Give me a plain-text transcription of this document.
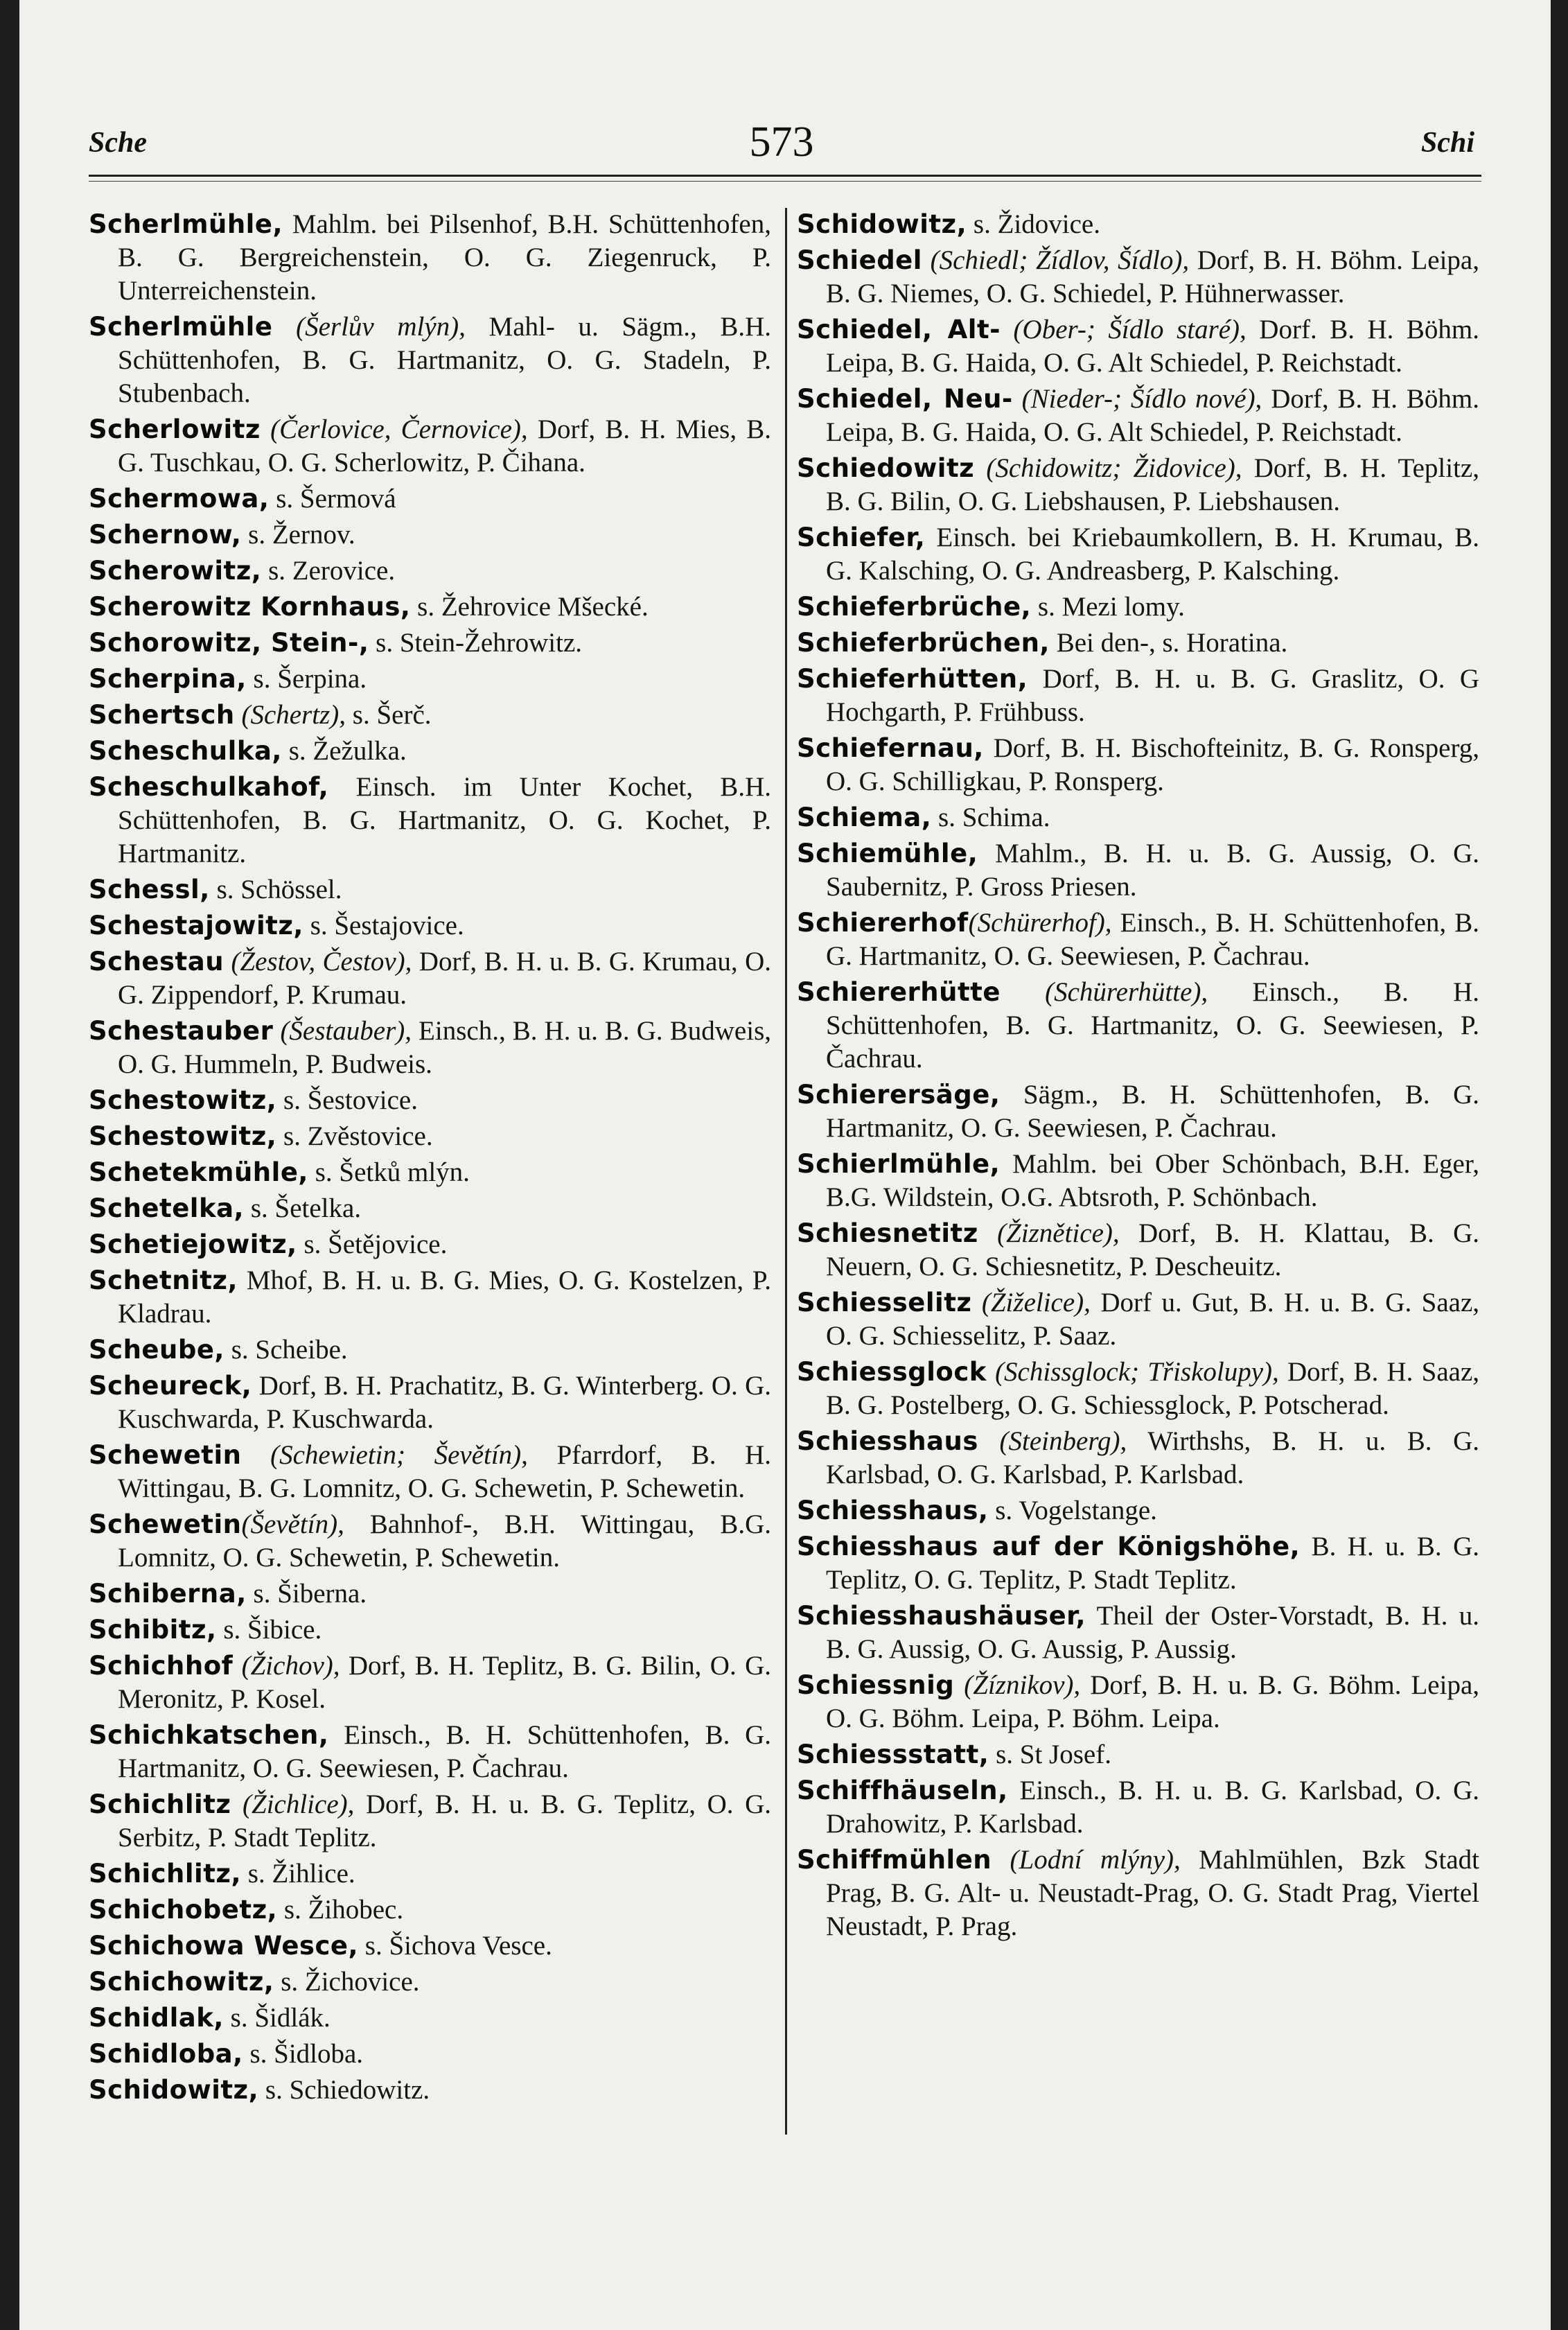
Sche	573	Schi

Scherlmühle, Mahlm. bei Pilsenhof, B.H. Schüttenhofen, B. G. Bergreichenstein, O. G. Ziegenruck, P. Unterreichenstein.

Scherlmühle (Šerlův mlýn), Mahl- u. Sägm., B.H. Schüttenhofen, B. G. Hartmanitz, O. G. Stadeln, P. Stubenbach.

Scherlowitz (Čerlovice, Černovice), Dorf, B. H. Mies, B. G. Tuschkau, O. G. Scherlowitz, P. Čihana.

Schermowa, s. Šermová

Schernow, s. Žernov.

Scherowitz, s. Zerovice.

Scherowitz Kornhaus, s. Žehrovice Mšecké.

Schorowitz, Stein-, s. Stein-Žehrowitz.

Scherpina, s. Šerpina.

Schertsch (Schertz), s. Šerč.

Scheschulka, s. Žežulka.

Scheschulkahof, Einsch. im Unter Kochet, B.H. Schüttenhofen, B. G. Hartmanitz, O. G. Kochet, P. Hartmanitz.

Schessl, s. Schössel.

Schestajowitz, s. Šestajovice.

Schestau (Žestov, Čestov), Dorf, B. H. u. B. G. Krumau, O. G. Zippendorf, P. Krumau.

Schestauber (Šestauber), Einsch., B. H. u. B. G. Budweis, O. G. Hummeln, P. Budweis.

Schestowitz, s. Šestovice.

Schestowitz, s. Zvěstovice.

Schetekmühle, s. Šetků mlýn.

Schetelka, s. Šetelka.

Schetiejowitz, s. Šetějovice.

Schetnitz, Mhof, B. H. u. B. G. Mies, O. G. Kostelzen, P. Kladrau.

Scheube, s. Scheibe.

Scheureck, Dorf, B. H. Prachatitz, B. G. Winterberg. O. G. Kuschwarda, P. Kuschwarda.

Schewetin (Schewietin; Ševětín), Pfarrdorf, B. H. Wittingau, B. G. Lomnitz, O. G. Schewetin, P. Schewetin.

Schewetin(Ševětín), Bahnhof-, B.H. Wittingau, B.G. Lomnitz, O. G. Schewetin, P. Schewetin.

Schiberna, s. Šiberna.

Schibitz, s. Šibice.

Schichhof (Žichov), Dorf, B. H. Teplitz, B. G. Bilin, O. G. Meronitz, P. Kosel.

Schichkatschen, Einsch., B. H. Schüttenhofen, B. G. Hartmanitz, O. G. Seewiesen, P. Čachrau.

Schichlitz (Žichlice), Dorf, B. H. u. B. G. Teplitz, O. G. Serbitz, P. Stadt Teplitz.

Schichlitz, s. Žihlice.

Schichobetz, s. Žihobec.

Schichowa Wesce, s. Šichova Vesce.

Schichowitz, s. Žichovice.

Schidlak, s. Šidlák.

Schidloba, s. Šidloba.

Schidowitz, s. Schiedowitz.

Schidowitz, s. Židovice.

Schiedel (Schiedl; Žídlov, Šídlo), Dorf, B. H. Böhm. Leipa, B. G. Niemes, O. G. Schiedel, P. Hühnerwasser.

Schiedel, Alt- (Ober-; Šídlo staré), Dorf. B. H. Böhm. Leipa, B. G. Haida, O. G. Alt Schiedel, P. Reichstadt.

Schiedel, Neu- (Nieder-; Šídlo nové), Dorf, B. H. Böhm. Leipa, B. G. Haida, O. G. Alt Schiedel, P. Reichstadt.

Schiedowitz (Schidowitz; Židovice), Dorf, B. H. Teplitz, B. G. Bilin, O. G. Liebshausen, P. Liebshausen.

Schiefer, Einsch. bei Kriebaumkollern, B. H. Krumau, B. G. Kalsching, O. G. Andreasberg, P. Kalsching.

Schieferbrüche, s. Mezi lomy.

Schieferbrüchen, Bei den-, s. Horatina.

Schieferhütten, Dorf, B. H. u. B. G. Graslitz, O. G Hochgarth, P. Frühbuss.

Schiefernau, Dorf, B. H. Bischofteinitz, B. G. Ronsperg, O. G. Schilligkau, P. Ronsperg.

Schiema, s. Schima.

Schiemühle, Mahlm., B. H. u. B. G. Aussig, O. G. Saubernitz, P. Gross Priesen.

Schiererhof(Schürerhof), Einsch., B. H. Schüttenhofen, B. G. Hartmanitz, O. G. Seewiesen, P. Čachrau.

Schiererhütte (Schürerhütte), Einsch., B. H. Schüttenhofen, B. G. Hartmanitz, O. G. Seewiesen, P. Čachrau.

Schierersäge, Sägm., B. H. Schüttenhofen, B. G. Hartmanitz, O. G. Seewiesen, P. Čachrau.

Schierlmühle, Mahlm. bei Ober Schönbach, B.H. Eger, B.G. Wildstein, O.G. Abtsroth, P. Schönbach.

Schiesnetitz (Žiznětice), Dorf, B. H. Klattau, B. G. Neuern, O. G. Schiesnetitz, P. Descheuitz.

Schiesselitz (Žiželice), Dorf u. Gut, B. H. u. B. G. Saaz, O. G. Schiesselitz, P. Saaz.

Schiessglock (Schissglock; Třiskolupy), Dorf, B. H. Saaz, B. G. Postelberg, O. G. Schiessglock, P. Potscherad.

Schiesshaus (Steinberg), Wirthshs, B. H. u. B. G. Karlsbad, O. G. Karlsbad, P. Karlsbad.

Schiesshaus, s. Vogelstange.

Schiesshaus auf der Königshöhe, B. H. u. B. G. Teplitz, O. G. Teplitz, P. Stadt Teplitz.

Schiesshaushäuser, Theil der Oster-Vorstadt, B. H. u. B. G. Aussig, O. G. Aussig, P. Aussig.

Schiessnig (Žíznikov), Dorf, B. H. u. B. G. Böhm. Leipa, O. G. Böhm. Leipa, P. Böhm. Leipa.

Schiessstatt, s. St Josef.

Schiffhäuseln, Einsch., B. H. u. B. G. Karlsbad, O. G. Drahowitz, P. Karlsbad.

Schiffmühlen (Lodní mlýny), Mahlmühlen, Bzk Stadt Prag, B. G. Alt- u. Neustadt-Prag, O. G. Stadt Prag, Viertel Neustadt, P. Prag.
